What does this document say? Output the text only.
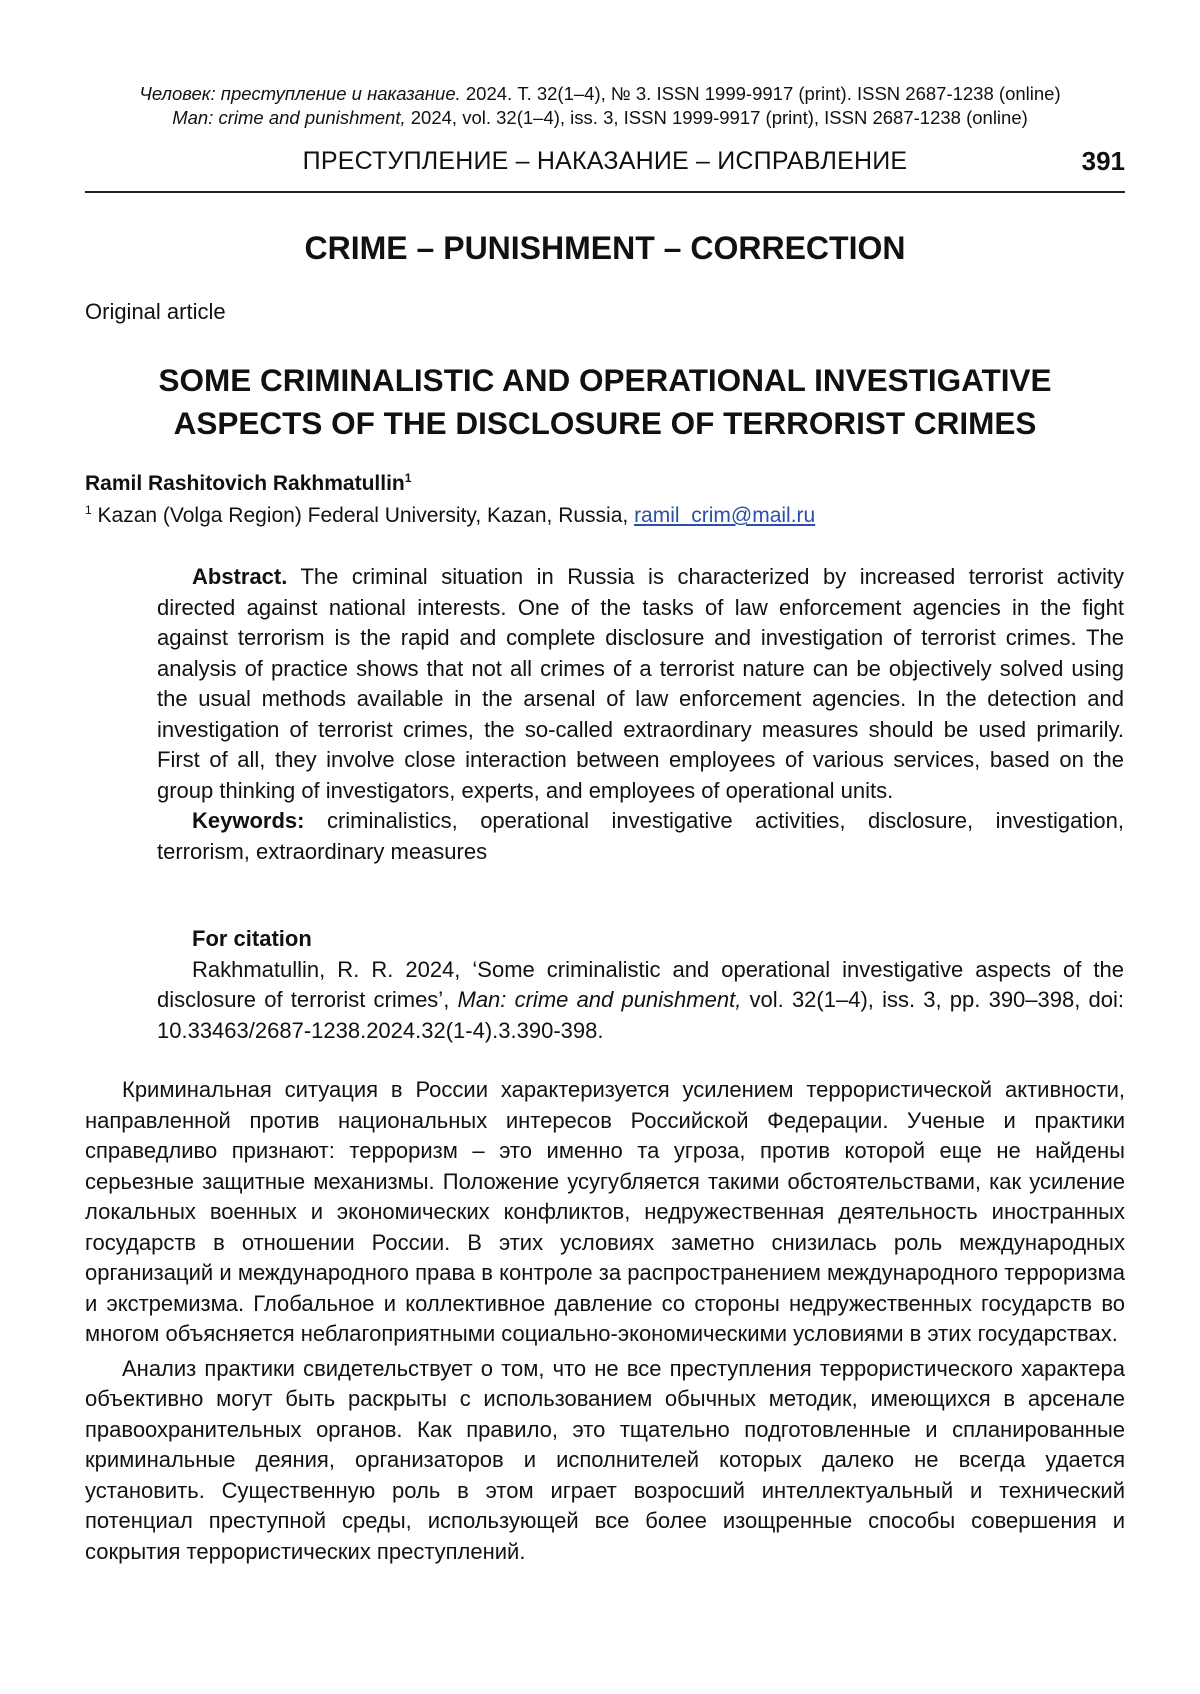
Человек: преступление и наказание. 2024. Т. 32(1–4), № 3. ISSN 1999-9917 (print). ISSN 2687-1238 (online)
Man: crime and punishment, 2024, vol. 32(1–4), iss. 3, ISSN 1999-9917 (print), ISSN 2687-1238 (online)
ПРЕСТУПЛЕНИЕ – НАКАЗАНИЕ – ИСПРАВЛЕНИЕ	391
CRIME – PUNISHMENT – CORRECTION
Original article
SOME CRIMINALISTIC AND OPERATIONAL INVESTIGATIVE
ASPECTS OF THE DISCLOSURE OF TERRORIST CRIMES
Ramil Rashitovich Rakhmatullin$^1$
$^1$ Kazan (Volga Region) Federal University, Kazan, Russia, ramil_crim@mail.ru

Abstract. The criminal situation in Russia is characterized by increased terrorist activity directed against national interests. One of the tasks of law enforcement agencies in the fight against terrorism is the rapid and complete disclosure and investigation of terrorist crimes. The analysis of practice shows that not all crimes of a terrorist nature can be objectively solved using the usual methods available in the arsenal of law enforcement agencies. In the detection and investigation of terrorist crimes, the so-called extraordinary measures should be used primarily. First of all, they involve close interaction between employees of various services, based on the group thinking of investigators, experts, and employees of operational units.

Keywords: criminalistics, operational investigative activities, disclosure, investigation, terrorism, extraordinary measures

For citation

Rakhmatullin, R. R. 2024, ‘Some criminalistic and operational investigative aspects of the disclosure of terrorist crimes’, Man: crime and punishment, vol. 32(1–4), iss. 3, pp. 390–398, doi: 10.33463/2687-1238.2024.32(1-4).3.390-398.

Криминальная ситуация в России характеризуется усилением террористической активности, направленной против национальных интересов Российской Федерации. Ученые и практики справедливо признают: терроризм – это именно та угроза, против которой еще не найдены серьезные защитные механизмы. Положение усугубляется такими обстоятельствами, как усиление локальных военных и экономических конфликтов, недружественная деятельность иностранных государств в отношении России. В этих условиях заметно снизилась роль международных организаций и международного права в контроле за распространением международного терроризма и экстремизма. Глобальное и коллективное давление со стороны недружественных государств во многом объясняется неблагоприятными социально-экономическими условиями в этих государствах.

Анализ практики свидетельствует о том, что не все преступления террористического характера объективно могут быть раскрыты с использованием обычных методик, имеющихся в арсенале правоохранительных органов. Как правило, это тщательно подготовленные и спланированные криминальные деяния, организаторов и исполнителей которых далеко не всегда удается установить. Существенную роль в этом играет возросший интеллектуальный и технический потенциал преступной среды, использующей все более изощренные способы совершения и сокрытия террористических преступлений.
